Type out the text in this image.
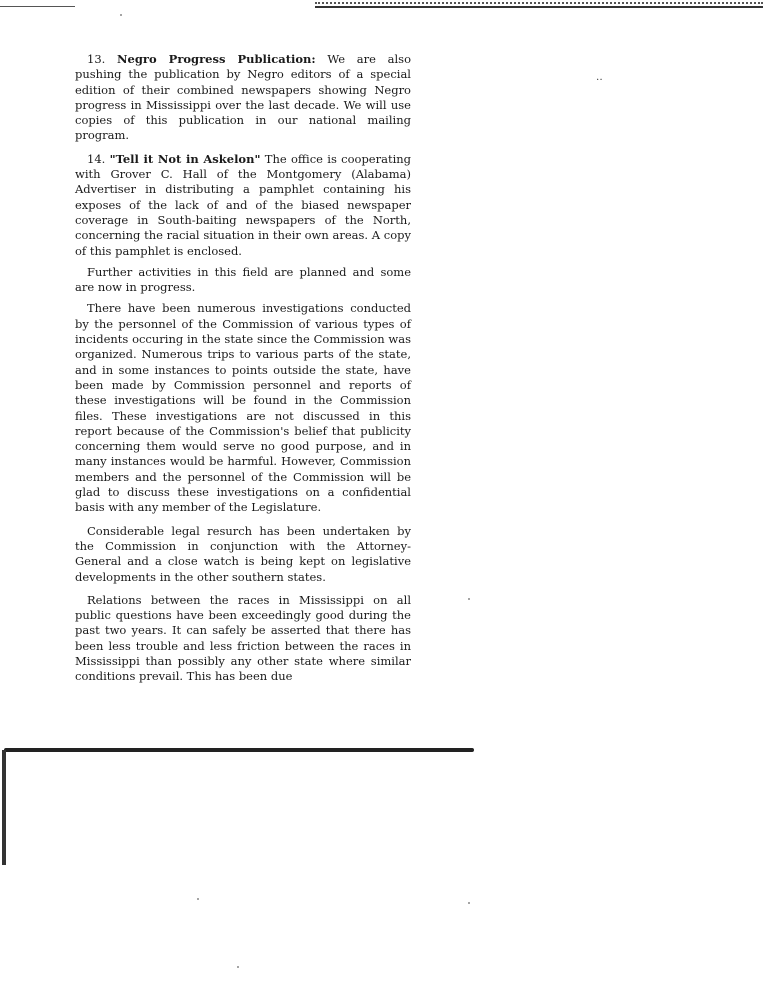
․․

13. Negro Progress Publication: We are also pushing the publication by Negro editors of a special edition of their combined newspapers showing Negro progress in Mississippi over the last decade. We will use copies of this publication in our national mailing program.

14. "Tell it Not in Askelon" The office is cooperating with Grover C. Hall of the Montgomery (Alabama) Advertiser in distributing a pamphlet containing his exposes of the lack of and of the biased newspaper coverage in South-baiting newspapers of the North, concerning the racial situation in their own areas. A copy of this pamphlet is enclosed.

Further activities in this field are planned and some are now in progress.

There have been numerous investigations conducted by the personnel of the Commission of various types of incidents occuring in the state since the Commission was organized. Numerous trips to various parts of the state, and in some instances to points outside the state, have been made by Commission personnel and reports of these investigations will be found in the Commission files. These investigations are not discussed in this report because of the Commission's belief that publicity concerning them would serve no good purpose, and in many instances would be harmful. However, Commission members and the personnel of the Commission will be glad to discuss these investigations on a confidential basis with any member of the Legislature.

Considerable legal resurch has been undertaken by the Commission in conjunction with the Attorney-General and a close watch is being kept on legislative developments in the other southern states.

Relations between the races in Mississippi on all public questions have been exceedingly good during the past two years. It can safely be asserted that there has been less trouble and less friction between the races in Mississippi than possibly any other state where similar conditions prevail. This has been due
